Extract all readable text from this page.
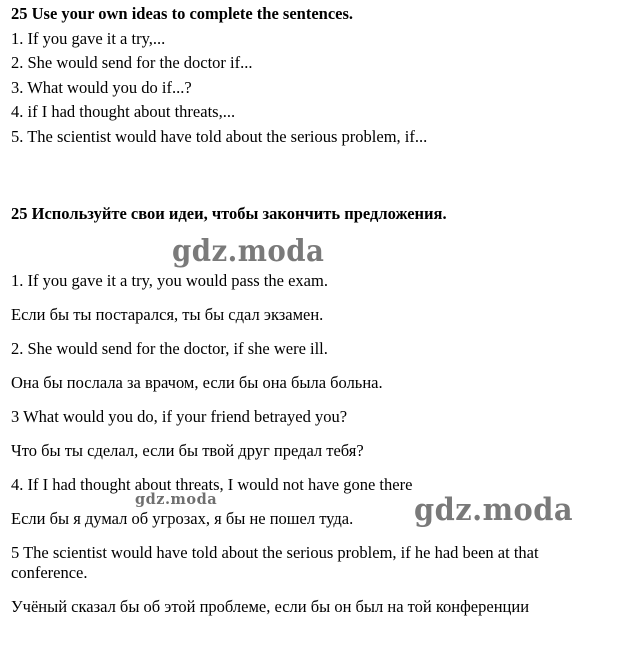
25 Use your own ideas to complete the sentences.

1. If you gave it a try,...

2. She would send for the doctor if...

3. What would you do if...?

4. if I had thought about threats,...

5. The scientist would have told about the serious problem, if...

25 Используйте свои идеи, чтобы закончить предложения.

gdz.moda

1. If you gave it a try, you would pass the exam.

Если бы ты постарался, ты бы сдал экзамен.

2. She would send for the doctor, if she were ill.

Она бы послала за врачом, если бы она была больна.

3 What would you do, if your friend betrayed you?

Что бы ты сделал, если бы твой друг предал тебя?

4. If I had thought about threats, I would not have gone there

gdz.moda

Если бы я думал об угрозах, я бы не пошел туда. gdz.moda

5 The scientist would have told about the serious problem, if he had been at that conference.

Учёный сказал бы об этой проблеме, если бы он был на той конференции
